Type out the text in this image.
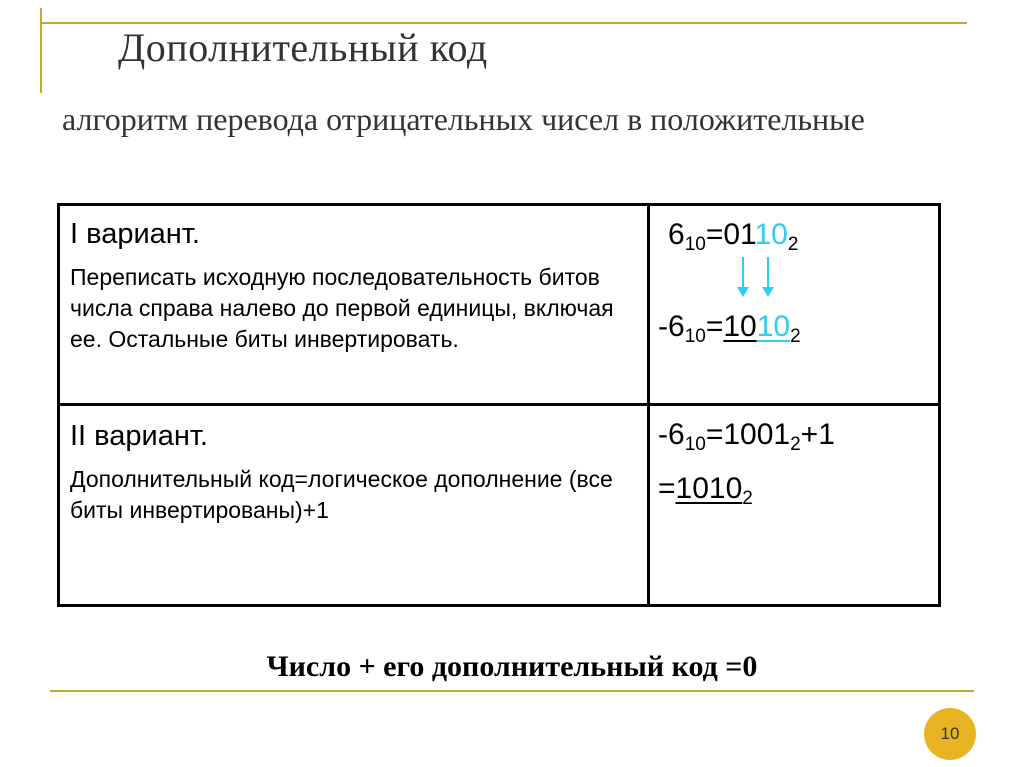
Дополнительный код
алгоритм перевода отрицательных чисел в положительные
I вариант.
Переписать исходную последовательность битов числа справа налево до первой единицы, включая ее. Остальные биты инвертировать.
$6_{10}=0110_2$
$-6_{10}=1010_2$
II вариант.
Дополнительный код=логическое дополнение (все биты инвертированы)+1
$-6_{10}=1001_2+1$
$=1010_2$
Число + его дополнительный код =0
10
